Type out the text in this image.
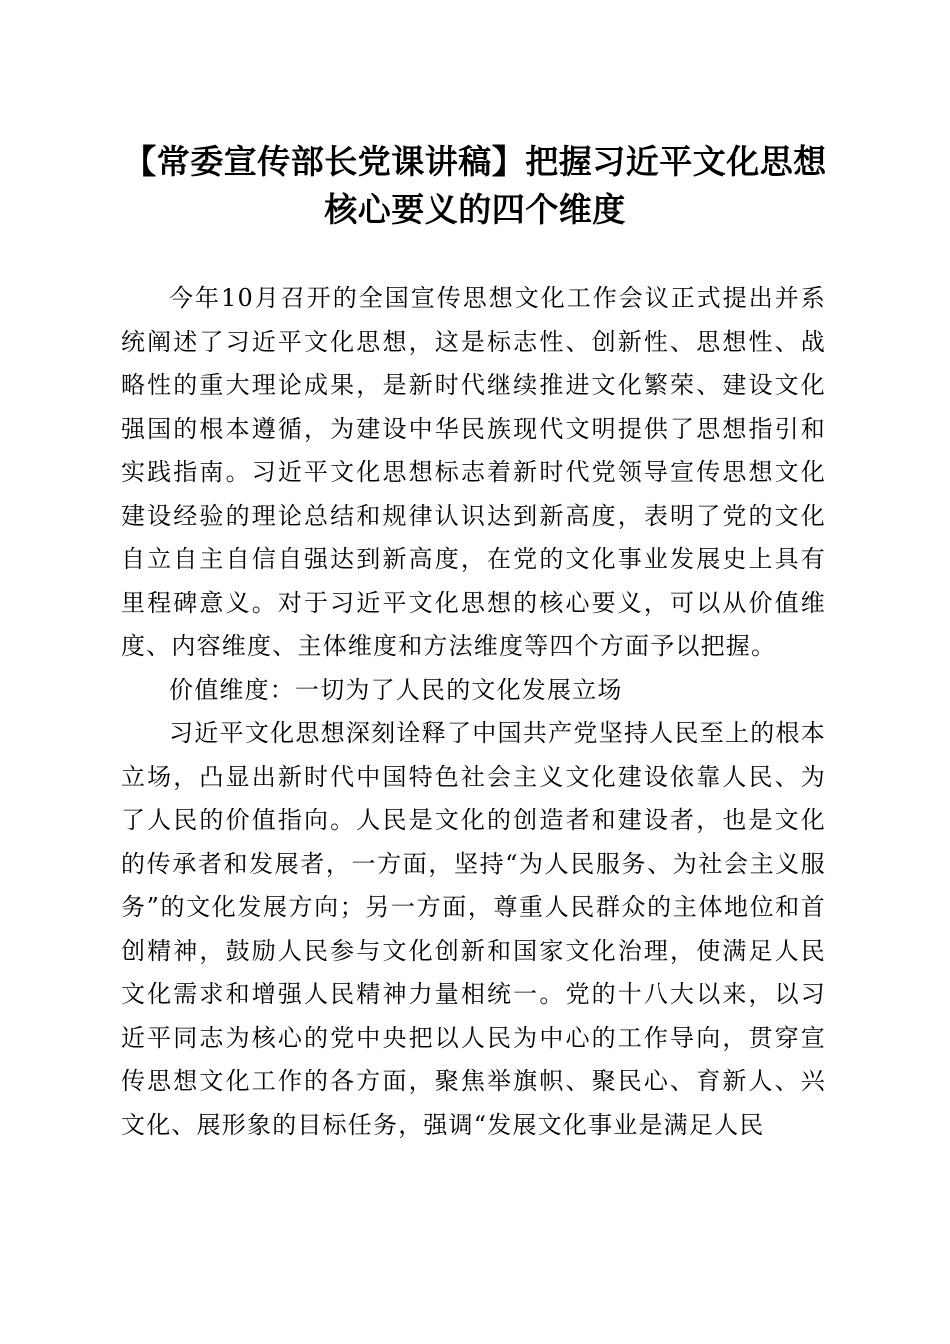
【常委宣传部长党课讲稿】把握习近平文化思想核心要义的四个维度

今年10月召开的全国宣传思想文化工作会议正式提出并系统阐述了习近平文化思想，这是标志性、创新性、思想性、战略性的重大理论成果，是新时代继续推进文化繁荣、建设文化强国的根本遵循，为建设中华民族现代文明提供了思想指引和实践指南。习近平文化思想标志着新时代党领导宣传思想文化建设经验的理论总结和规律认识达到新高度，表明了党的文化自立自主自信自强达到新高度，在党的文化事业发展史上具有里程碑意义。对于习近平文化思想的核心要义，可以从价值维度、内容维度、主体维度和方法维度等四个方面予以把握。

价值维度：一切为了人民的文化发展立场

习近平文化思想深刻诠释了中国共产党坚持人民至上的根本立场，凸显出新时代中国特色社会主义文化建设依靠人民、为了人民的价值指向。人民是文化的创造者和建设者，也是文化的传承者和发展者，一方面，坚持“为人民服务、为社会主义服务”的文化发展方向；另一方面，尊重人民群众的主体地位和首创精神，鼓励人民参与文化创新和国家文化治理，使满足人民文化需求和增强人民精神力量相统一。党的十八大以来，以习近平同志为核心的党中央把以人民为中心的工作导向，贯穿宣传思想文化工作的各方面，聚焦举旗帜、聚民心、育新人、兴文化、展形象的目标任务，强调“发展文化事业是满足人民
